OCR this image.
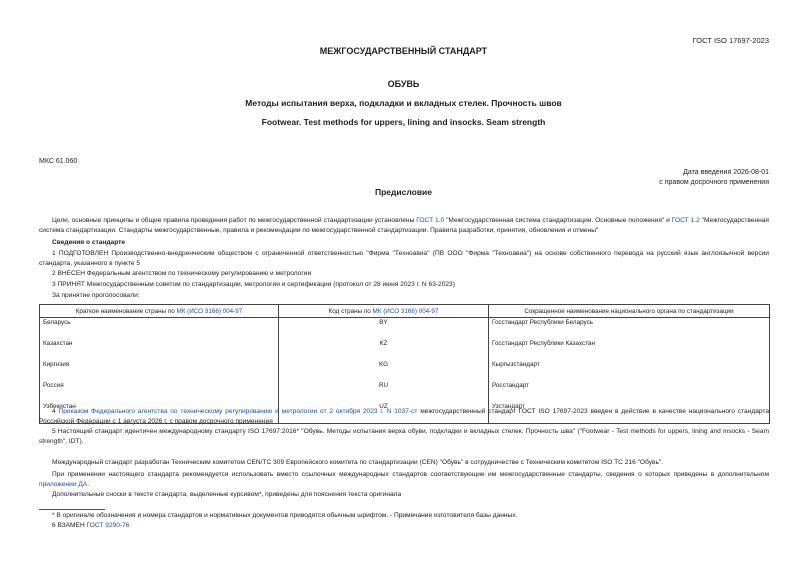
ГОСТ ISO 17697-2023
МЕЖГОСУДАРСТВЕННЫЙ СТАНДАРТ
ОБУВЬ
Методы испытания верха, подкладки и вкладных стелек. Прочность швов
Footwear. Test methods for uppers, lining and insocks. Seam strength
МКС 61.060
Дата введения 2026-08-01
с правом досрочного применения
Предисловие
Цели, основные принципы и общие правила проведения работ по межгосударственной стандартизации установлены ГОСТ 1.0 "Межгосударственная система стандартизации. Основные положения" и ГОСТ 1.2 "Межгосударственная система стандартизации. Стандарты межгосударственные, правила и рекомендации по межгосударственной стандартизации. Правила разработки, принятия, обновления и отмены"
Сведения о стандарте
1 ПОДГОТОВЛЕН Производственно-внедренческим обществом с ограниченной ответственностью "Фирма "Техноавиа" (ПВ ООО "Фирма "Техноавиа") на основе собственного перевода на русский язык англоязычной версии стандарта, указанного в пункте 5
2 ВНЕСЕН Федеральным агентством по техническому регулированию и метрологии
3 ПРИНЯТ Межгосударственным советом по стандартизации, метрологии и сертификации (протокол от 28 июня 2023 г. N 63-2023)
За принятие проголосовали:
Краткое наименование страны по МК (ИСО 3166) 004-97	Код страны по МК (ИСО 3166) 004-97	Сокращенное наименование национального органа по стандартизации
Беларусь	BY	Госстандарт Республики Беларусь
Казахстан	KZ	Госстандарт Республики Казахстан
Киргизия	KG	Кыргызстандарт
Россия	RU	Росстандарт
Узбекистан	UZ	Узстандарт
4 Приказом Федерального агентства по техническому регулированию и метрологии от 2 октября 2023 г. N 1037-ст межгосударственный стандарт ГОСТ ISO 17697-2023 введен в действие в качестве национального стандарта Российской Федерации с 1 августа 2026 г. с правом досрочного применения
5 Настоящий стандарт идентичен международному стандарту ISO 17697:2016* "Обувь. Методы испытания верха обуви, подкладки и вкладных стелек. Прочность шва" ("Footwear - Test methods for uppers, lining and insocks - Seam strength", IDT).
Международный стандарт разработан Техническим комитетом CEN/TC 309 Европейского комитета по стандартизации (CEN) "Обувь" в сотрудничестве с Техническим комитетом ISO TC 216 "Обувь".
При применении настоящего стандарта рекомендуется использовать вместо ссылочных международных стандартов соответствующие им межгосударственные стандарты, сведения о которых приведены в дополнительном приложении ДА.
Дополнительные сноски в тексте стандарта, выделенные курсивом*, приведены для пояснения текста оригинала
* В оригинале обозначения и номера стандартов и нормативных документов приводятся обычным шрифтом. - Примечание изготовителя базы данных.
6 ВЗАМЕН ГОСТ 9290-76
